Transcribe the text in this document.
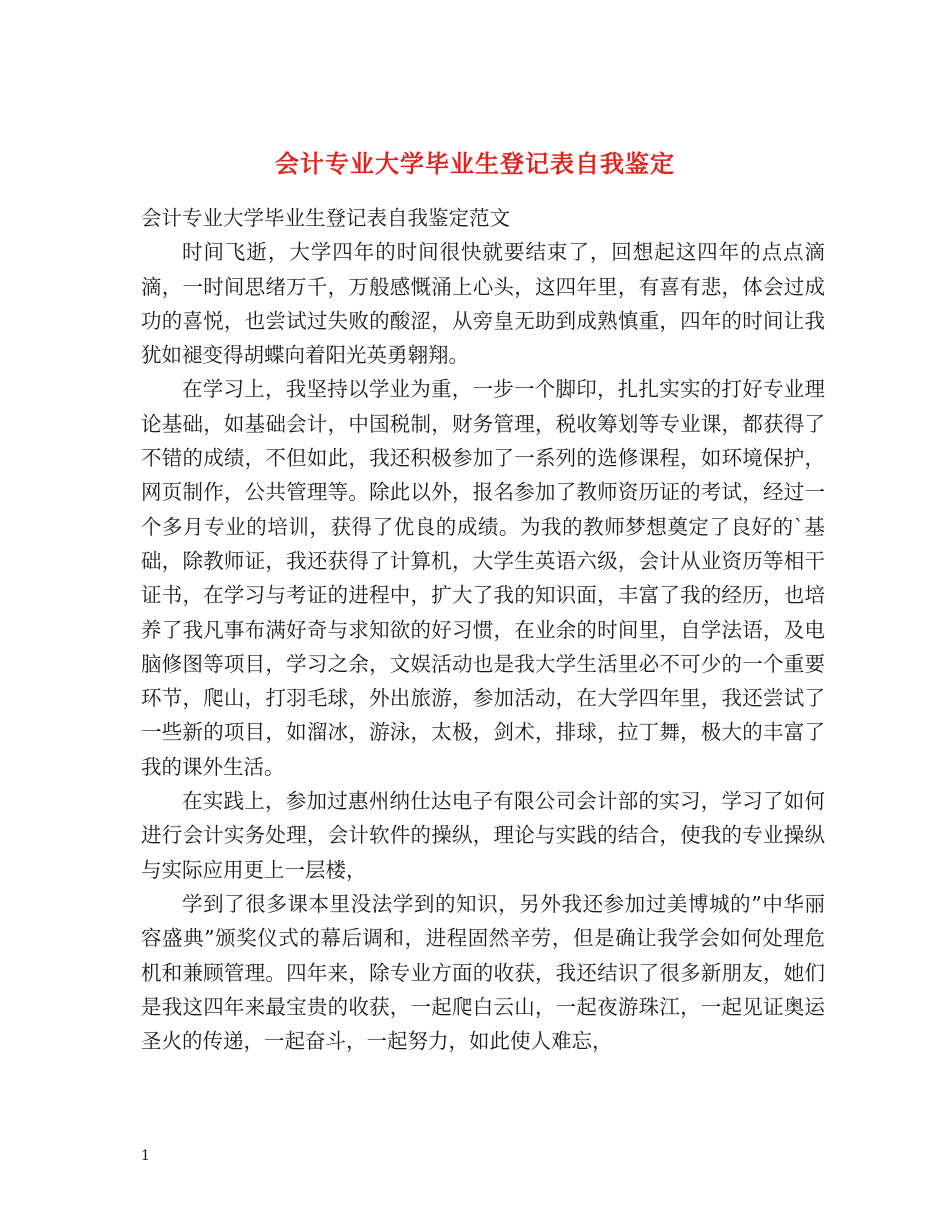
会计专业大学毕业生登记表自我鉴定

会计专业大学毕业生登记表自我鉴定范文

时间飞逝，大学四年的时间很快就要结束了，回想起这四年的点点滴滴，一时间思绪万千，万般感慨涌上心头，这四年里，有喜有悲，体会过成功的喜悦，也尝试过失败的酸涩，从旁皇无助到成熟慎重，四年的时间让我犹如褪变得胡蝶向着阳光英勇翱翔。

在学习上，我坚持以学业为重，一步一个脚印，扎扎实实的打好专业理论基础，如基础会计，中国税制，财务管理，税收筹划等专业课，都获得了不错的成绩，不但如此，我还积极参加了一系列的选修课程，如环境保护，网页制作，公共管理等。除此以外，报名参加了教师资历证的考试，经过一个多月专业的培训，获得了优良的成绩。为我的教师梦想奠定了良好的`基础，除教师证，我还获得了计算机，大学生英语六级，会计从业资历等相干证书，在学习与考证的进程中，扩大了我的知识面，丰富了我的经历，也培养了我凡事布满好奇与求知欲的好习惯，在业余的时间里，自学法语，及电脑修图等项目，学习之余，文娱活动也是我大学生活里必不可少的一个重要环节，爬山，打羽毛球，外出旅游，参加活动，在大学四年里，我还尝试了一些新的项目，如溜冰，游泳，太极，剑术，排球，拉丁舞，极大的丰富了我的课外生活。

在实践上，参加过惠州纳仕达电子有限公司会计部的实习，学习了如何进行会计实务处理，会计软件的操纵，理论与实践的结合，使我的专业操纵与实际应用更上一层楼，

学到了很多课本里没法学到的知识，另外我还参加过美博城的”中华丽容盛典”颁奖仪式的幕后调和，进程固然辛劳，但是确让我学会如何处理危机和兼顾管理。四年来，除专业方面的收获，我还结识了很多新朋友，她们是我这四年来最宝贵的收获，一起爬白云山，一起夜游珠江，一起见证奥运圣火的传递，一起奋斗，一起努力，如此使人难忘，

1
